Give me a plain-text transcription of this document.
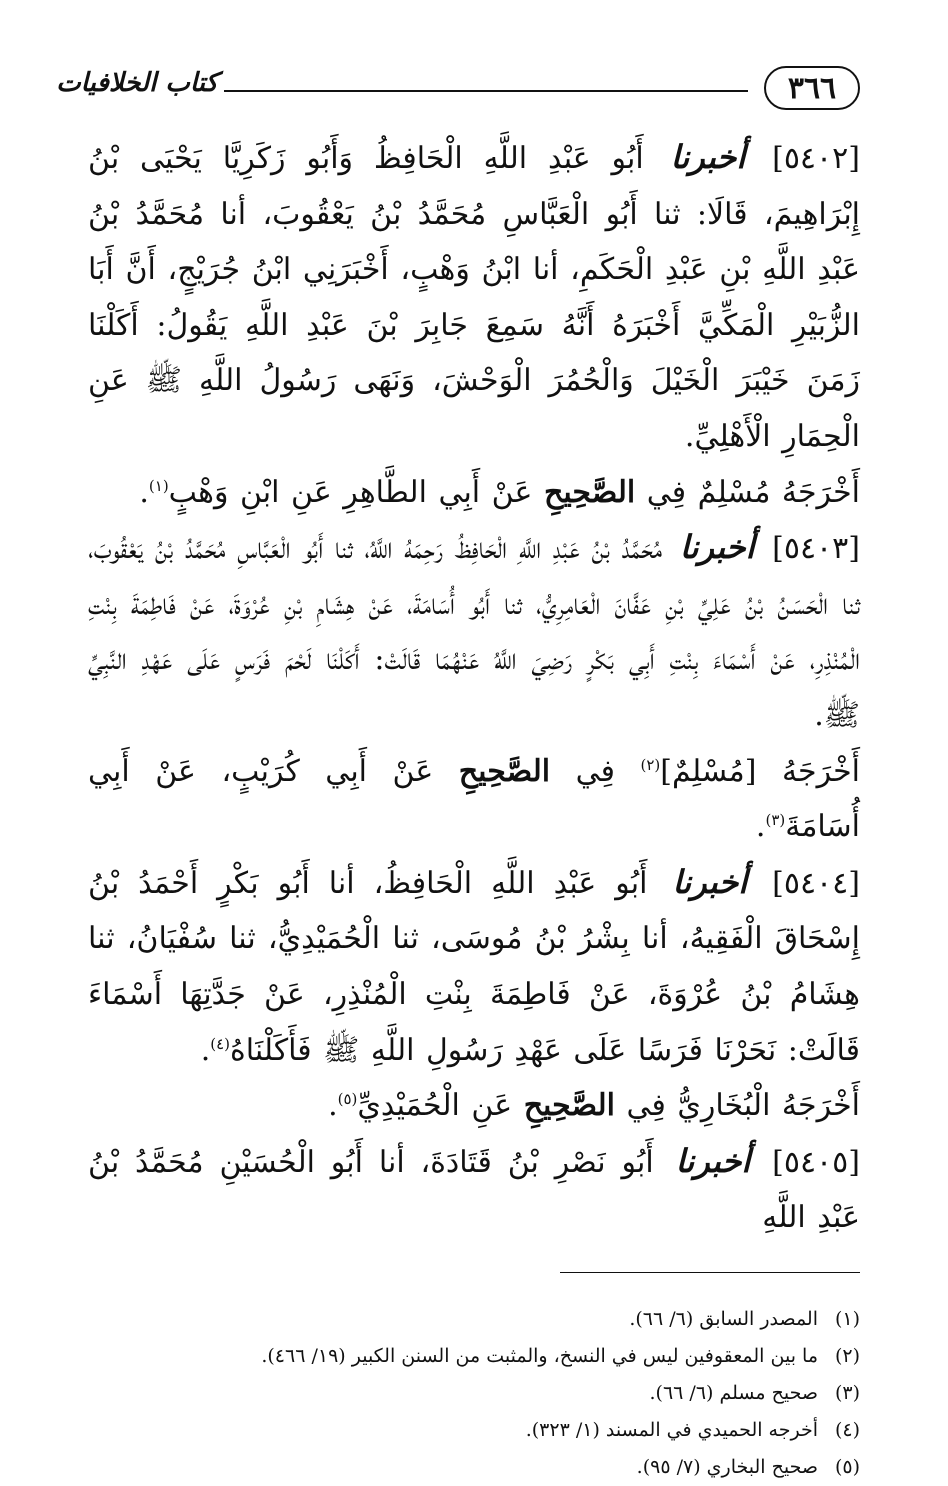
٣٦٦
كتاب الخلافيات

[٥٤٠٢] أخبرنا أَبُو عَبْدِ اللَّهِ الْحَافِظُ وَأَبُو زَكَرِيَّا يَحْيَى بْنُ إِبْرَاهِيمَ، قَالَا: ثنا أَبُو الْعَبَّاسِ مُحَمَّدُ بْنُ يَعْقُوبَ، أنا مُحَمَّدُ بْنُ عَبْدِ اللَّهِ بْنِ عَبْدِ الْحَكَمِ، أنا ابْنُ وَهْبٍ، أَخْبَرَنِي ابْنُ جُرَيْجٍ، أَنَّ أَبَا الزُّبَيْرِ الْمَكِّيَّ أَخْبَرَهُ أَنَّهُ سَمِعَ جَابِرَ بْنَ عَبْدِ اللَّهِ يَقُولُ: أَكَلْنَا زَمَنَ خَيْبَرَ الْخَيْلَ وَالْحُمُرَ الْوَحْشَ، وَنَهَى رَسُولُ اللَّهِ ﷺ عَنِ الْحِمَارِ الْأَهْلِيِّ.

أَخْرَجَهُ مُسْلِمٌ فِي الصَّحِيحِ عَنْ أَبِي الطَّاهِرِ عَنِ ابْنِ وَهْبٍ$^{(١)}$.

[٥٤٠٣] أخبرنا مُحَمَّدُ بْنُ عَبْدِ اللَّهِ الْحَافِظُ رَحِمَهُ اللَّهُ، ثنا أَبُو الْعَبَّاسِ مُحَمَّدُ بْنُ يَعْقُوبَ، ثنا الْحَسَنُ بْنُ عَلِيِّ بْنِ عَفَّانَ الْعَامِرِيُّ، ثنا أَبُو أُسَامَةَ، عَنْ هِشَامِ بْنِ عُرْوَةَ، عَنْ فَاطِمَةَ بِنْتِ الْمُنْذِرِ، عَنْ أَسْمَاءَ بِنْتِ أَبِي بَكْرٍ رَضِيَ اللَّهُ عَنْهُمَا قَالَتْ: أَكَلْنَا لَحْمَ فَرَسٍ عَلَى عَهْدِ النَّبِيِّ ﷺ.

أَخْرَجَهُ [مُسْلِمٌ]$^{(٢)}$ فِي الصَّحِيحِ عَنْ أَبِي كُرَيْبٍ، عَنْ أَبِي أُسَامَةَ$^{(٣)}$.

[٥٤٠٤] أخبرنا أَبُو عَبْدِ اللَّهِ الْحَافِظُ، أنا أَبُو بَكْرٍ أَحْمَدُ بْنُ إِسْحَاقَ الْفَقِيهُ، أنا بِشْرُ بْنُ مُوسَى، ثنا الْحُمَيْدِيُّ، ثنا سُفْيَانُ، ثنا هِشَامُ بْنُ عُرْوَةَ، عَنْ فَاطِمَةَ بِنْتِ الْمُنْذِرِ، عَنْ جَدَّتِهَا أَسْمَاءَ قَالَتْ: نَحَرْنَا فَرَسًا عَلَى عَهْدِ رَسُولِ اللَّهِ ﷺ فَأَكَلْنَاهُ$^{(٤)}$.

أَخْرَجَهُ الْبُخَارِيُّ فِي الصَّحِيحِ عَنِ الْحُمَيْدِيِّ$^{(٥)}$.

[٥٤٠٥] أخبرنا أَبُو نَصْرِ بْنُ قَتَادَةَ، أنا أَبُو الْحُسَيْنِ مُحَمَّدُ بْنُ عَبْدِ اللَّهِ

(١)المصدر السابق (٦/ ٦٦).

(٢)ما بين المعقوفين ليس في النسخ، والمثبت من السنن الكبير (١٩/ ٤٦٦).

(٣)صحيح مسلم (٦/ ٦٦).

(٤)أخرجه الحميدي في المسند (١/ ٣٢٣).

(٥)صحيح البخاري (٧/ ٩٥).
